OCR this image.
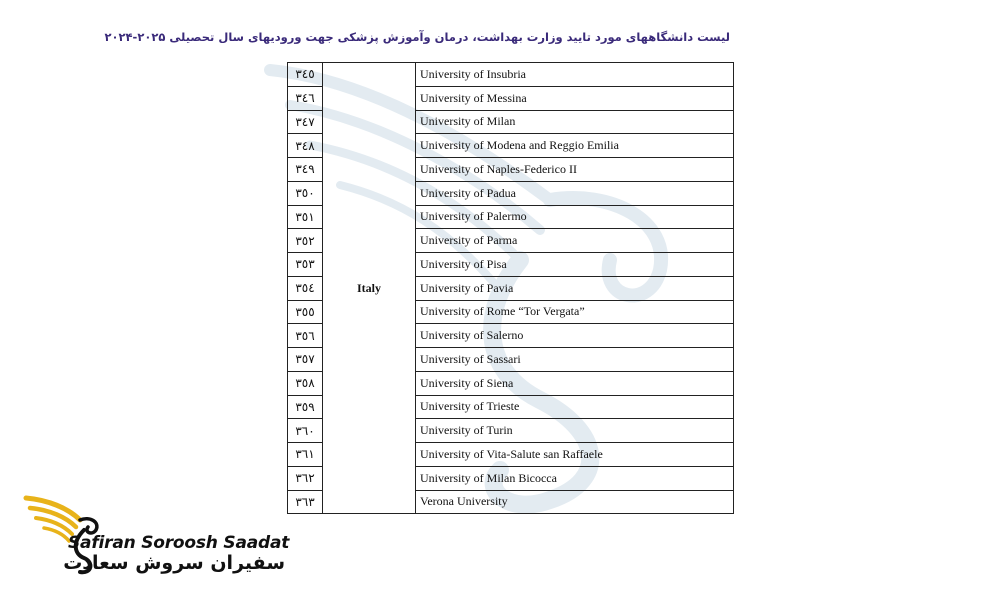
لیست دانشگاههای مورد تایید وزارت بهداشت، درمان وآموزش پزشکی جهت ورودیهای سال تحصیلی ۲۰۲۵-۲۰۲۴
۳٤٥	Italy	University of Insubria
۳٤٦		University of Messina
۳٤٧		University of Milan
۳٤٨		University of Modena and Reggio Emilia
۳٤٩		University of Naples-Federico II
۳٥٠		University of Padua
۳٥١		University of Palermo
۳٥٢		University of Parma
۳٥٣		University of Pisa
۳٥٤		University of Pavia
۳٥٥		University of Rome “Tor Vergata”
۳٥٦		University of Salerno
۳٥٧		University of Sassari
۳٥٨		University of Siena
۳٥٩		University of Trieste
۳٦٠		University of Turin
۳٦١		University of Vita-Salute san Raffaele
۳٦٢		University of Milan Bicocca
۳٦٣		Verona University
Safiran Soroosh Saadat
سفیران سروش سعادت
